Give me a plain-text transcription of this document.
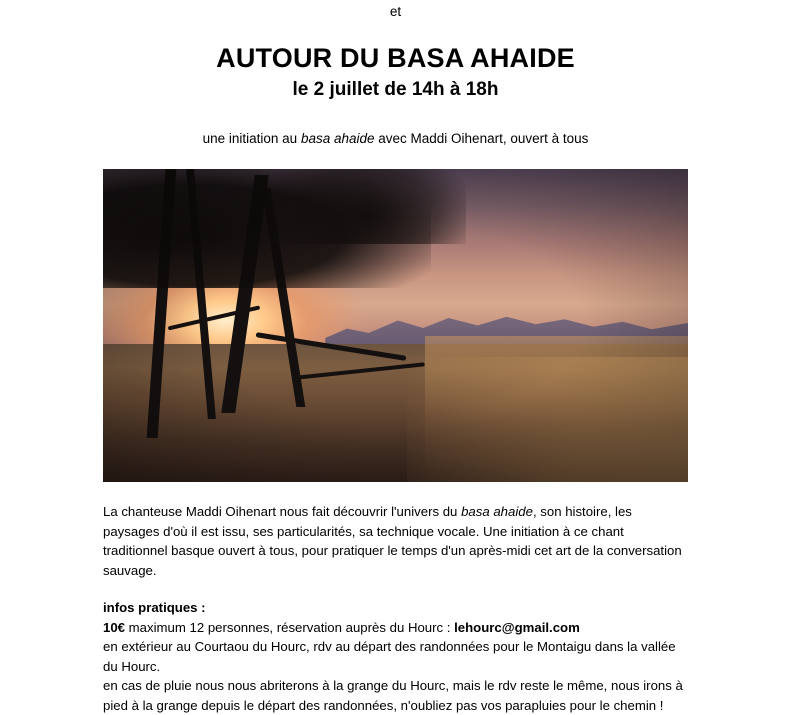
et
AUTOUR DU BASA AHAIDE
le 2 juillet de 14h à 18h
une initiation au basa ahaide avec Maddi Oihenart, ouvert à tous
La chanteuse Maddi Oihenart nous fait découvrir l'univers du basa ahaide, son histoire, les paysages d'où il est issu, ses particularités, sa technique vocale. Une initiation à ce chant traditionnel basque ouvert à tous, pour pratiquer le temps d'un après-midi cet art de la conversation sauvage.
infos pratiques :
10€ maximum 12 personnes, réservation auprès du Hourc : lehourc@gmail.com
en extérieur au Courtaou du Hourc, rdv au départ des randonnées pour le Montaigu dans la vallée du Hourc.
en cas de pluie nous nous abriterons à la grange du Hourc, mais le rdv reste le même, nous irons à pied à la grange depuis le départ des randonnées, n'oubliez pas vos parapluies pour le chemin !
